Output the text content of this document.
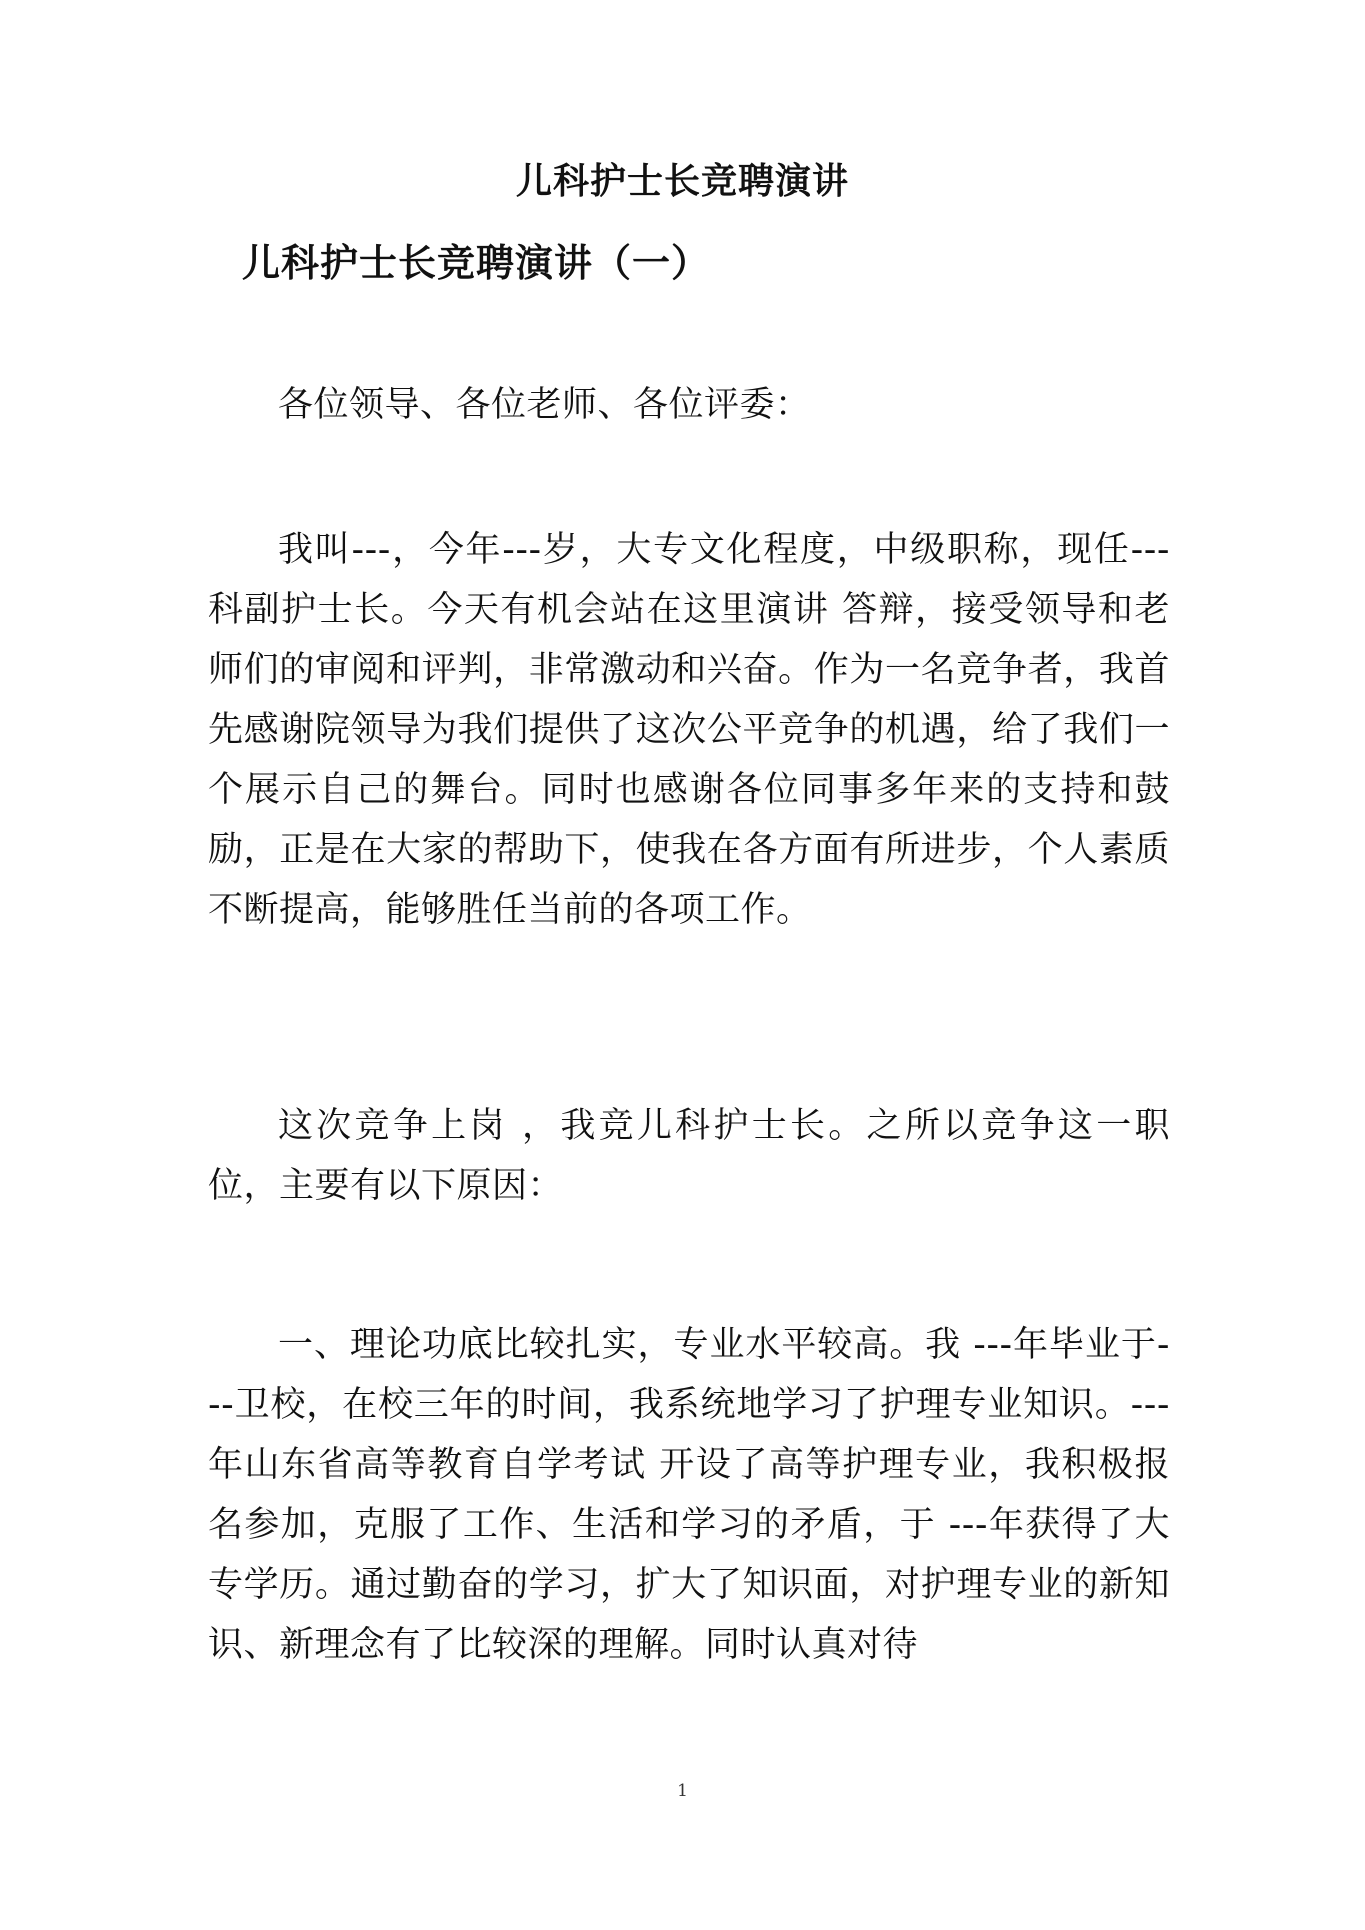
儿科护士长竞聘演讲
儿科护士长竞聘演讲（一）

各位领导、各位老师、各位评委：

我叫---，今年---岁，大专文化程度，中级职称，现任---科副护士长。今天有机会站在这里演讲 答辩，接受领导和老师们的审阅和评判，非常激动和兴奋。作为一名竞争者，我首先感谢院领导为我们提供了这次公平竞争的机遇，给了我们一个展示自己的舞台。同时也感谢各位同事多年来的支持和鼓励，正是在大家的帮助下，使我在各方面有所进步，个人素质不断提高，能够胜任当前的各项工作。

这次竞争上岗 ，我竞儿科护士长。之所以竞争这一职位，主要有以下原因：

一、理论功底比较扎实，专业水平较高。我 ---年毕业于---卫校，在校三年的时间，我系统地学习了护理专业知识。---年山东省高等教育自学考试 开设了高等护理专业，我积极报名参加，克服了工作、生活和学习的矛盾，于 ---年获得了大专学历。通过勤奋的学习，扩大了知识面，对护理专业的新知识、新理念有了比较深的理解。同时认真对待

1
